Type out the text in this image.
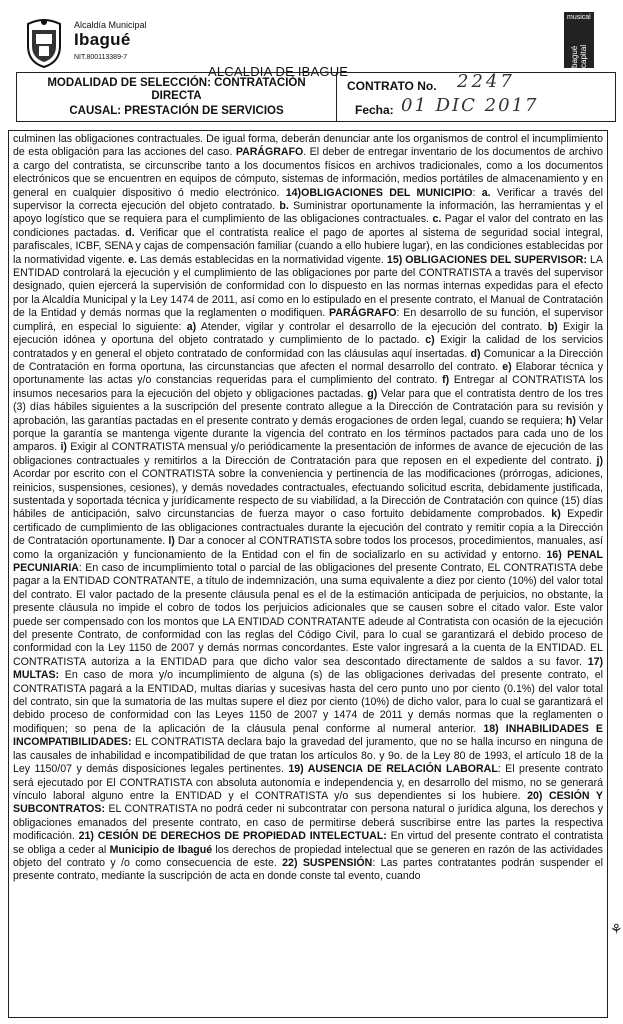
Alcaldía Municipal
Ibagué
NIT.800113389-7
ALCALDIA DE IBAGUE
musical
bagué capital
MODALIDAD DE SELECCIÓN: CONTRATACIÓN
DIRECTA
CAUSAL: PRESTACIÓN DE SERVICIOS
CONTRATO No. 2247
Fecha: 01 DIC 2017

culminen las obligaciones contractuales. De igual forma, deberán denunciar ante los organismos de control el incumplimiento de esta obligación para las acciones del caso. PARÁGRAFO. El deber de entregar inventario de los documentos de archivo a cargo del contratista, se circunscribe tanto a los documentos físicos en archivos tradicionales, como a los documentos electrónicos que se encuentren en equipos de cómputo, sistemas de información, medios portátiles de almacenamiento y en general en cualquier dispositivo ó medio electrónico. 14)OBLIGACIONES DEL MUNICIPIO: a. Verificar a través del supervisor la correcta ejecución del objeto contratado. b. Suministrar oportunamente la información, las herramientas y el apoyo logístico que se requiera para el cumplimiento de las obligaciones contractuales. c. Pagar el valor del contrato en las condiciones pactadas. d. Verificar que el contratista realice el pago de aportes al sistema de seguridad social integral, parafiscales, ICBF, SENA y cajas de compensación familiar (cuando a ello hubiere lugar), en las condiciones establecidas por la normatividad vigente. e. Las demás establecidas en la normatividad vigente. 15) OBLIGACIONES DEL SUPERVISOR: LA ENTIDAD controlará la ejecución y el cumplimiento de las obligaciones por parte del CONTRATISTA a través del supervisor designado, quien ejercerá la supervisión de conformidad con lo dispuesto en las normas internas expedidas para el efecto por la Alcaldía Municipal y la Ley 1474 de 2011, así como en lo estipulado en el presente contrato, el Manual de Contratación de la Entidad y demás normas que la reglamenten o modifiquen. PARÁGRAFO: En desarrollo de su función, el supervisor cumplirá, en especial lo siguiente: a) Atender, vigilar y controlar el desarrollo de la ejecución del contrato. b) Exigir la ejecución idónea y oportuna del objeto contratado y cumplimiento de lo pactado. c) Exigir la calidad de los servicios contratados y en general el objeto contratado de conformidad con las cláusulas aquí insertadas. d) Comunicar a la Dirección de Contratación en forma oportuna, las circunstancias que afecten el normal desarrollo del contrato. e) Elaborar técnica y oportunamente las actas y/o constancias requeridas para el cumplimiento del contrato. f) Entregar al CONTRATISTA los insumos necesarios para la ejecución del objeto y obligaciones pactadas. g) Velar para que el contratista dentro de los tres (3) días hábiles siguientes a la suscripción del presente contrato allegue a la Dirección de Contratación para su revisión y aprobación, las garantías pactadas en el presente contrato y demás erogaciones de orden legal, cuando se requiera; h) Velar porque la garantía se mantenga vigente durante la vigencia del contrato en los términos pactados para cada uno de los amparos. i) Exigir al CONTRATISTA mensual y/o periódicamente la presentación de informes de avance de ejecución de las obligaciones contractuales y remitirlos a la Dirección de Contratación para que reposen en el expediente del contrato. j) Acordar por escrito con el CONTRATISTA sobre la conveniencia y pertinencia de las modificaciones (prórrogas, adiciones, reinicios, suspensiones, cesiones), y demás novedades contractuales, efectuando solicitud escrita, debidamente justificada, sustentada y soportada técnica y jurídicamente respecto de su viabilidad, a la Dirección de Contratación con quince (15) días hábiles de anticipación, salvo circunstancias de fuerza mayor o caso fortuito debidamente comprobados. k) Expedir certificado de cumplimiento de las obligaciones contractuales durante la ejecución del contrato y remitir copia a la Dirección de Contratación oportunamente. l) Dar a conocer al CONTRATISTA sobre todos los procesos, procedimientos, manuales, así como la organización y funcionamiento de la Entidad con el fin de socializarlo en su actividad y entorno. 16) PENAL PECUNIARIA: En caso de incumplimiento total o parcial de las obligaciones del presente Contrato, EL CONTRATISTA debe pagar a la ENTIDAD CONTRATANTE, a título de indemnización, una suma equivalente a diez por ciento (10%) del valor total del contrato. El valor pactado de la presente cláusula penal es el de la estimación anticipada de perjuicios, no obstante, la presente cláusula no impide el cobro de todos los perjuicios adicionales que se causen sobre el citado valor. Este valor puede ser compensado con los montos que LA ENTIDAD CONTRATANTE adeude al Contratista con ocasión de la ejecución del presente Contrato, de conformidad con las reglas del Código Civil, para lo cual se garantizará el debido proceso de conformidad con la Ley 1150 de 2007 y demás normas concordantes. Este valor ingresará a la cuenta de la ENTIDAD. EL CONTRATISTA autoriza a la ENTIDAD para que dicho valor sea descontado directamente de saldos a su favor. 17) MULTAS: En caso de mora y/o incumplimiento de alguna (s) de las obligaciones derivadas del presente contrato, el CONTRATISTA pagará a la ENTIDAD, multas diarias y sucesivas hasta del cero punto uno por ciento (0.1%) del valor total del contrato, sin que la sumatoria de las multas supere el diez por ciento (10%) de dicho valor, para lo cual se garantizará el debido proceso de conformidad con las Leyes 1150 de 2007 y 1474 de 2011 y demás normas que la reglamenten o modifiquen; so pena de la aplicación de la cláusula penal conforme al numeral anterior. 18) INHABILIDADES E INCOMPATIBILIDADES: EL CONTRATISTA declara bajo la gravedad del juramento, que no se halla incurso en ninguna de las causales de inhabilidad e incompatibilidad de que tratan los artículos 8o. y 9o. de la Ley 80 de 1993, el artículo 18 de la Ley 1150/07 y demás disposiciones legales pertinentes. 19) AUSENCIA DE RELACIÓN LABORAL: El presente contrato será ejecutado por El CONTRATISTA con absoluta autonomía e independencia y, en desarrollo del mismo, no se generará vínculo laboral alguno entre la ENTIDAD y el CONTRATISTA y/o sus dependientes si los hubiere. 20) CESIÓN Y SUBCONTRATOS: EL CONTRATISTA no podrá ceder ni subcontratar con persona natural o jurídica alguna, los derechos y obligaciones emanados del presente contrato, en caso de permitirse deberá suscribirse entre las partes la respectiva modificación. 21) CESIÓN DE DERECHOS DE PROPIEDAD INTELECTUAL: En virtud del presente contrato el contratista se obliga a ceder al Municipio de Ibagué los derechos de propiedad intelectual que se generen en razón de las actividades objeto del contrato y /o como consecuencia de este. 22) SUSPENSIÓN: Las partes contratantes podrán suspender el presente contrato, mediante la suscripción de acta en donde conste tal evento, cuando

⚘
